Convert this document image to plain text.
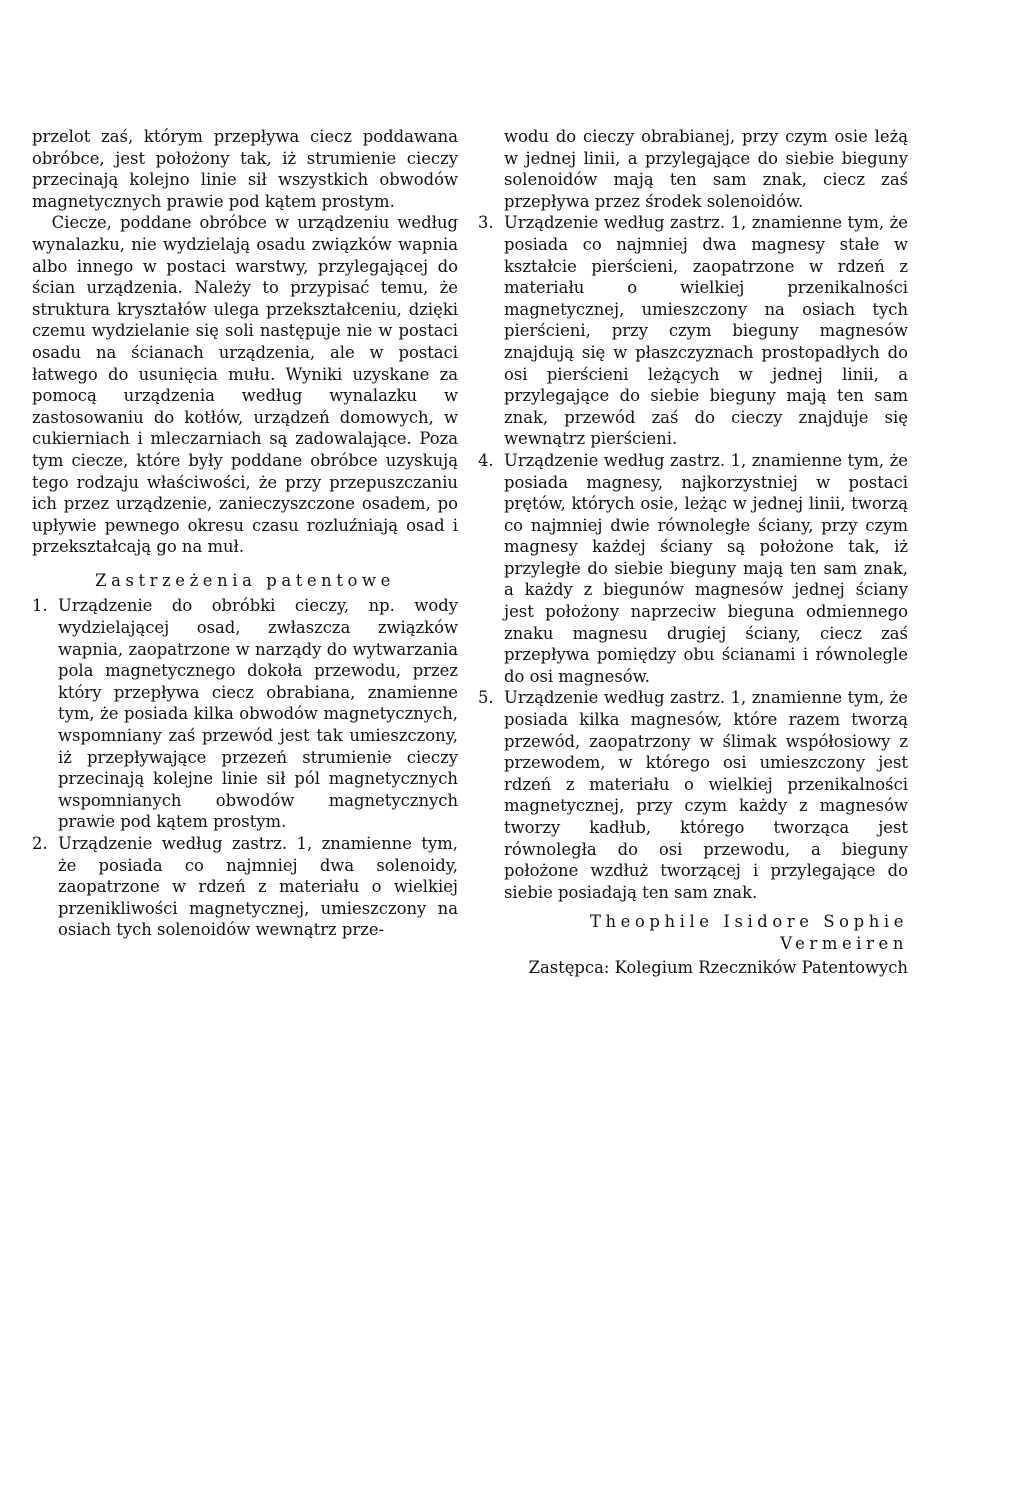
przelot zaś, którym przepływa ciecz poddawana obróbce, jest położony tak, iż strumienie cieczy przecinają kolejno linie sił wszystkich obwodów magnetycznych prawie pod kątem prostym.

Ciecze, poddane obróbce w urządzeniu według wynalazku, nie wydzielają osadu związków wapnia albo innego w postaci warstwy, przylegającej do ścian urządzenia. Należy to przypisać temu, że struktura kryształów ulega przekształceniu, dzięki czemu wydzielanie się soli następuje nie w postaci osadu na ścianach urządzenia, ale w postaci łatwego do usunięcia mułu. Wyniki uzyskane za pomocą urządzenia według wynalazku w zastosowaniu do kotłów, urządzeń domowych, w cukierniach i mleczarniach są zadowalające. Poza tym ciecze, które były poddane obróbce uzyskują tego rodzaju właściwości, że przy przepuszczaniu ich przez urządzenie, zanieczyszczone osadem, po upływie pewnego okresu czasu rozluźniają osad i przekształcają go na muł.

Zastrzeżenia patentowe
1. Urządzenie do obróbki cieczy, np. wody wydzielającej osad, zwłaszcza związków wapnia, zaopatrzone w narządy do wytwarzania pola magnetycznego dokoła przewodu, przez który przepływa ciecz obrabiana, znamienne tym, że posiada kilka obwodów magnetycznych, wspomniany zaś przewód jest tak umieszczony, iż przepływające przezeń strumienie cieczy przecinają kolejne linie sił pól magnetycznych wspomnianych obwodów magnetycznych prawie pod kątem prostym.
2. Urządzenie według zastrz. 1, znamienne tym, że posiada co najmniej dwa solenoidy, zaopatrzone w rdzeń z materiału o wielkiej przenikliwości magnetycznej, umieszczony na osiach tych solenoidów wewnątrz prze-
wodu do cieczy obrabianej, przy czym osie leżą w jednej linii, a przylegające do siebie bieguny solenoidów mają ten sam znak, ciecz zaś przepływa przez środek solenoidów.
3. Urządzenie według zastrz. 1, znamienne tym, że posiada co najmniej dwa magnesy stałe w kształcie pierścieni, zaopatrzone w rdzeń z materiału o wielkiej przenikalności magnetycznej, umieszczony na osiach tych pierścieni, przy czym bieguny magnesów znajdują się w płaszczyznach prostopadłych do osi pierścieni leżących w jednej linii, a przylegające do siebie bieguny mają ten sam znak, przewód zaś do cieczy znajduje się wewnątrz pierścieni.
4. Urządzenie według zastrz. 1, znamienne tym, że posiada magnesy, najkorzystniej w postaci prętów, których osie, leżąc w jednej linii, tworzą co najmniej dwie równoległe ściany, przy czym magnesy każdej ściany są położone tak, iż przyległe do siebie bieguny mają ten sam znak, a każdy z biegunów magnesów jednej ściany jest położony naprzeciw bieguna odmiennego znaku magnesu drugiej ściany, ciecz zaś przepływa pomiędzy obu ścianami i równolegle do osi magnesów.
5. Urządzenie według zastrz. 1, znamienne tym, że posiada kilka magnesów, które razem tworzą przewód, zaopatrzony w ślimak współosiowy z przewodem, w którego osi umieszczony jest rdzeń z materiału o wielkiej przenikalności magnetycznej, przy czym każdy z magnesów tworzy kadłub, którego tworząca jest równoległa do osi przewodu, a bieguny położone wzdłuż tworzącej i przylegające do siebie posiadają ten sam znak.
Theophile Isidore Sophie
Vermeiren
Zastępca: Kolegium Rzeczników Patentowych
